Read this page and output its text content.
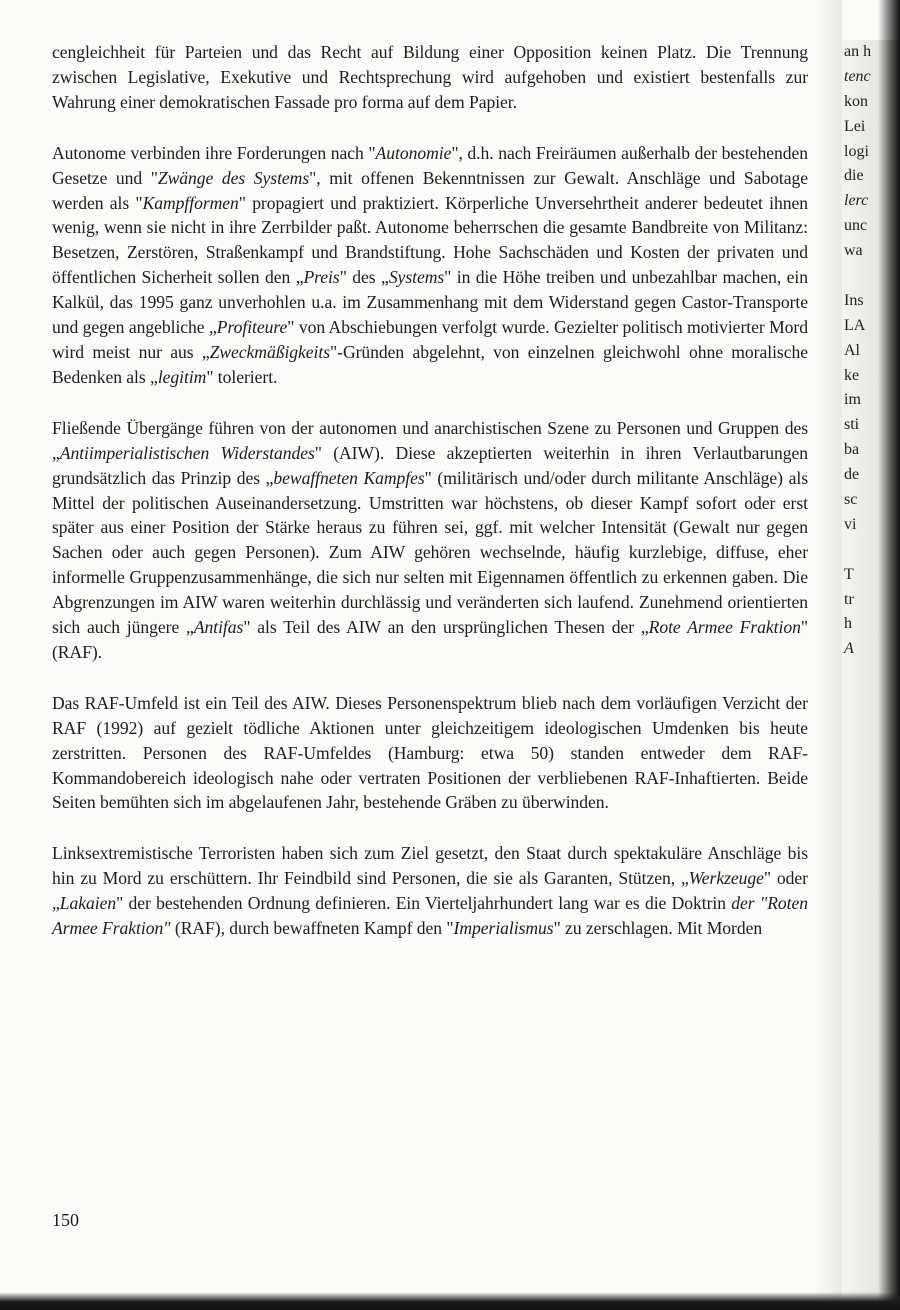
cengleichheit für Parteien und das Recht auf Bildung einer Opposition keinen Platz. Die Trennung zwischen Legislative, Exekutive und Rechtsprechung wird aufgehoben und existiert bestenfalls zur Wahrung einer demokratischen Fassade pro forma auf dem Papier.

Autonome verbinden ihre Forderungen nach "Autonomie", d.h. nach Freiräumen außerhalb der bestehenden Gesetze und "Zwänge des Systems", mit offenen Bekenntnissen zur Gewalt. Anschläge und Sabotage werden als "Kampfformen" propagiert und praktiziert. Körperliche Unversehrtheit anderer bedeutet ihnen wenig, wenn sie nicht in ihre Zerrbilder paßt. Autonome beherrschen die gesamte Bandbreite von Militanz: Besetzen, Zerstören, Straßenkampf und Brandstiftung. Hohe Sachschäden und Kosten der privaten und öffentlichen Sicherheit sollen den „Preis" des „Systems" in die Höhe treiben und unbezahlbar machen, ein Kalkül, das 1995 ganz unverhohlen u.a. im Zusammenhang mit dem Widerstand gegen Castor-Transporte und gegen angebliche „Profiteure" von Abschiebungen verfolgt wurde. Gezielter politisch motivierter Mord wird meist nur aus „Zweckmäßigkeits"-Gründen abgelehnt, von einzelnen gleichwohl ohne moralische Bedenken als „legitim" toleriert.

Fließende Übergänge führen von der autonomen und anarchistischen Szene zu Personen und Gruppen des „Antiimperialistischen Widerstandes" (AIW). Diese akzeptierten weiterhin in ihren Verlautbarungen grundsätzlich das Prinzip des „bewaffneten Kampfes" (militärisch und/oder durch militante Anschläge) als Mittel der politischen Auseinandersetzung. Umstritten war höchstens, ob dieser Kampf sofort oder erst später aus einer Position der Stärke heraus zu führen sei, ggf. mit welcher Intensität (Gewalt nur gegen Sachen oder auch gegen Personen). Zum AIW gehören wechselnde, häufig kurzlebige, diffuse, eher informelle Gruppenzusammenhänge, die sich nur selten mit Eigennamen öffentlich zu erkennen gaben. Die Abgrenzungen im AIW waren weiterhin durchlässig und veränderten sich laufend. Zunehmend orientierten sich auch jüngere „Antifas" als Teil des AIW an den ursprünglichen Thesen der „Rote Armee Fraktion" (RAF).

Das RAF-Umfeld ist ein Teil des AIW. Dieses Personenspektrum blieb nach dem vorläufigen Verzicht der RAF (1992) auf gezielt tödliche Aktionen unter gleichzeitigem ideologischen Umdenken bis heute zerstritten. Personen des RAF-Umfeldes (Hamburg: etwa 50) standen entweder dem RAF-Kommandobereich ideologisch nahe oder vertraten Positionen der verbliebenen RAF-Inhaftierten. Beide Seiten bemühten sich im abgelaufenen Jahr, bestehende Gräben zu überwinden.

Linksextremistische Terroristen haben sich zum Ziel gesetzt, den Staat durch spektakuläre Anschläge bis hin zu Mord zu erschüttern. Ihr Feindbild sind Personen, die sie als Garanten, Stützen, „Werkzeuge" oder „Lakaien" der bestehenden Ordnung definieren. Ein Vierteljahrhundert lang war es die Doktrin der "Roten Armee Fraktion" (RAF), durch bewaffneten Kampf den "Imperialismus" zu zerschlagen. Mit Morden

150
an h
tenc
kon
Lei
logi
die
lerc
unc
wa
Ins
LA
Al
ke
im
sti
ba
de
sc
vi
T
tr
h
A
